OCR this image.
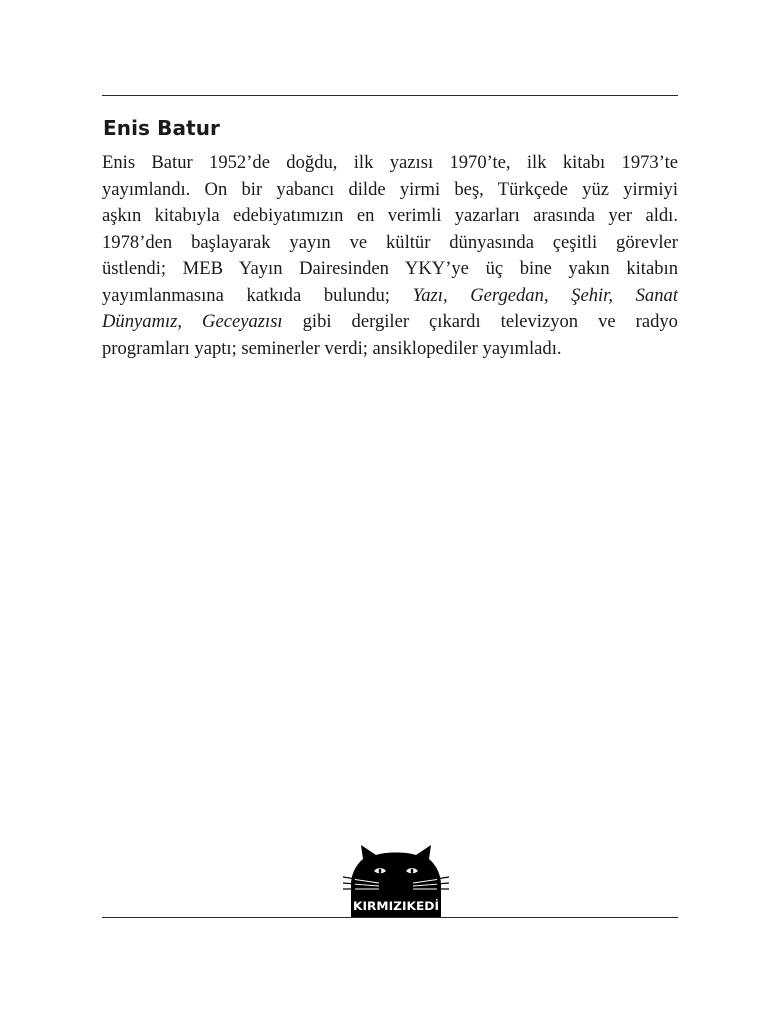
Enis Batur

Enis Batur 1952’de doğdu, ilk yazısı 1970’te, ilk kitabı 1973’te
yayımlandı. On bir yabancı dilde yirmi beş, Türkçede yüz yirmiyi
aşkın kitabıyla edebiyatımızın en verimli yazarları arasında yer aldı.
1978’den başlayarak yayın ve kültür dünyasında çeşitli görevler
üstlendi; MEB Yayın Dairesinden YKY’ye üç bine yakın kitabın
yayımlanmasına katkıda bulundu; Yazı, Gergedan, Şehir, Sanat
Dünyamız, Geceyazısı gibi dergiler çıkardı televizyon ve radyo
programları yaptı; seminerler verdi; ansiklopediler yayımladı.

KIRMIZIKEDİ
